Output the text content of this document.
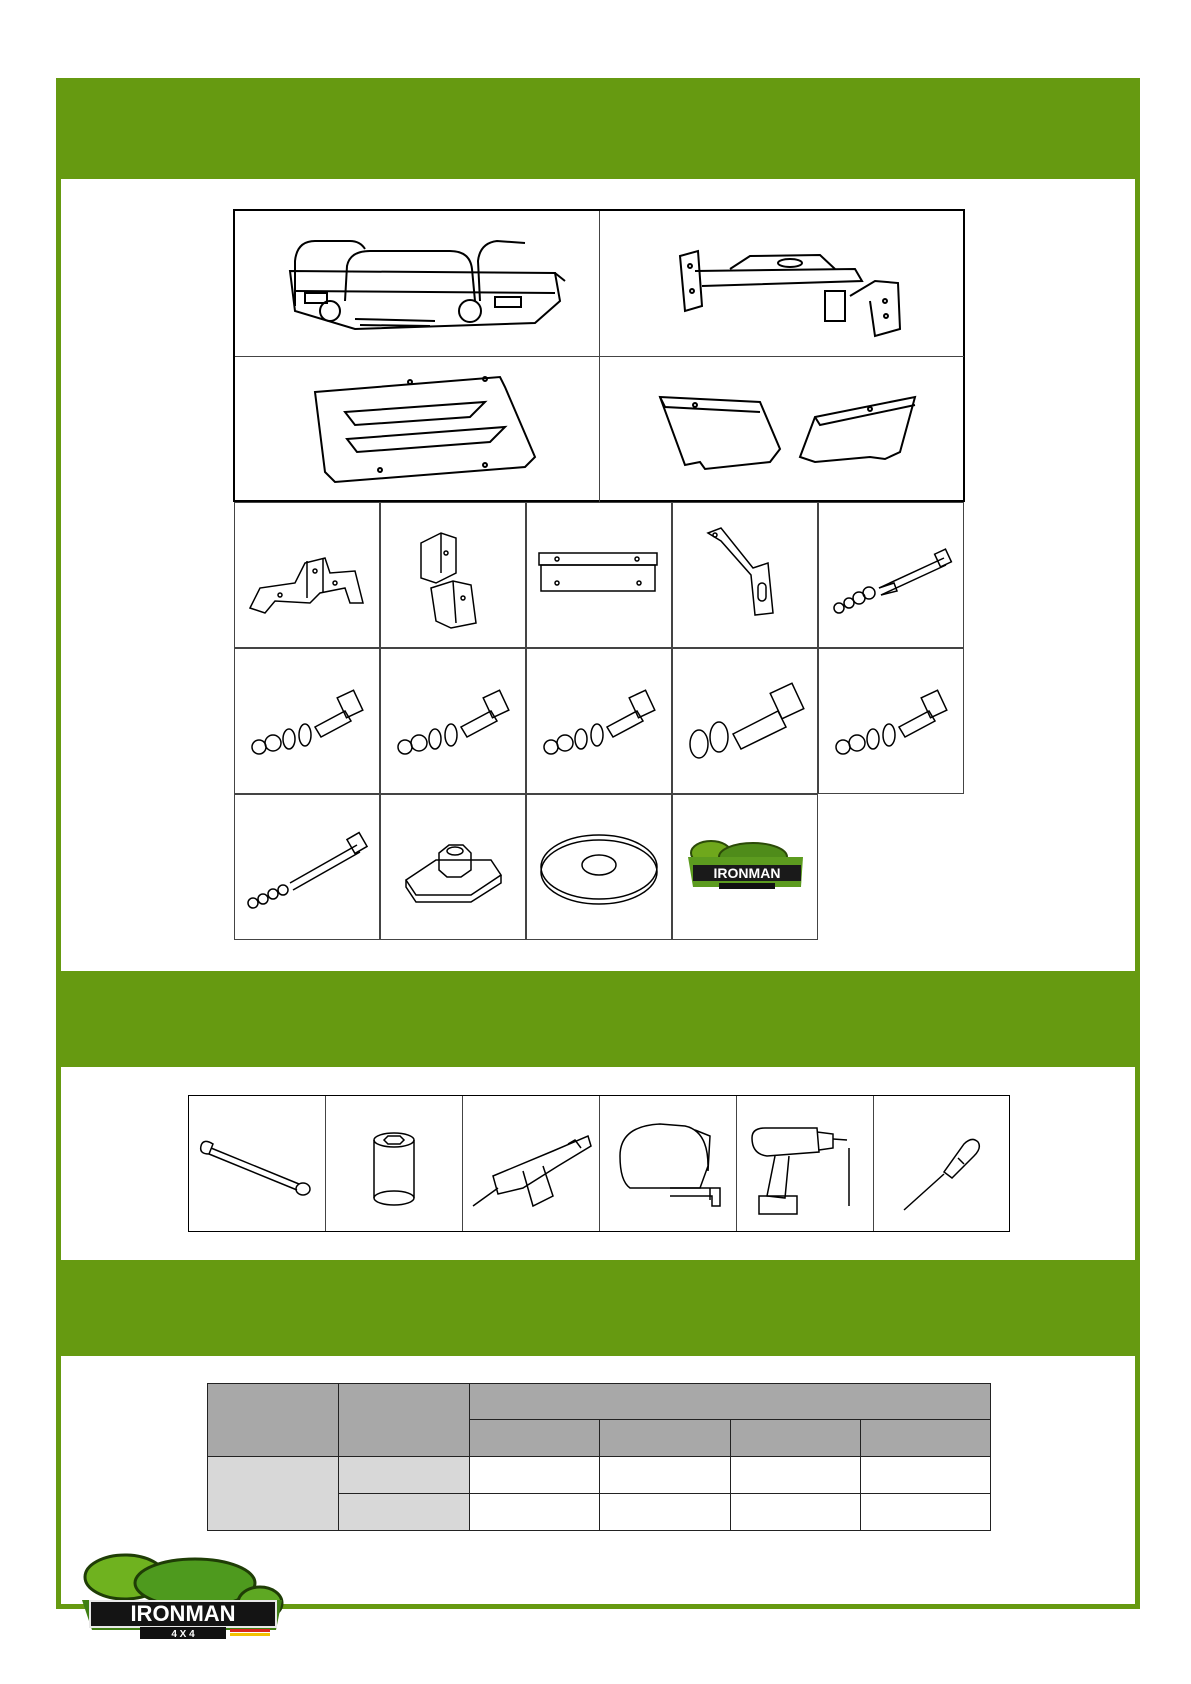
IRONMAN

IRONMAN
4 X 4
